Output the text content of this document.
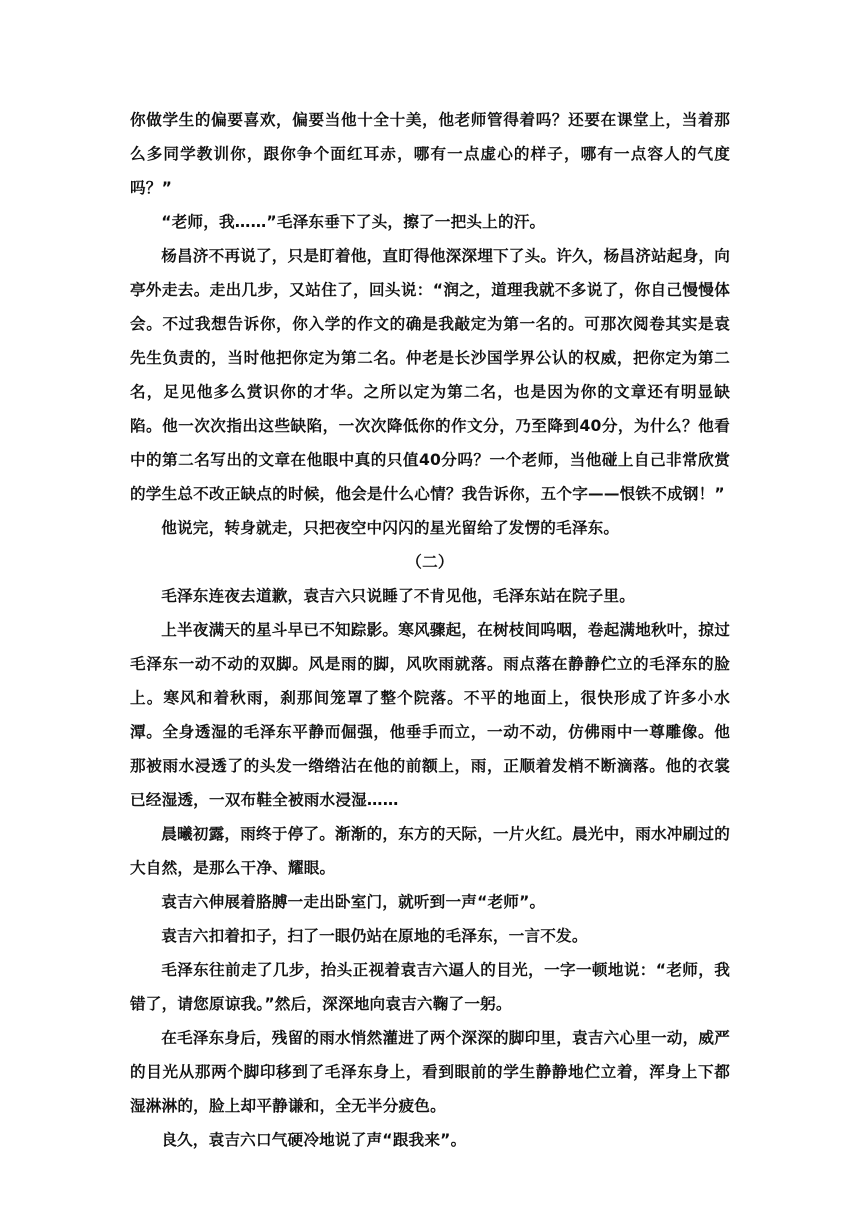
你做学生的偏要喜欢，偏要当他十全十美，他老师管得着吗？还要在课堂上，当着那么多同学教训你，跟你争个面红耳赤，哪有一点虚心的样子，哪有一点容人的气度吗？”

“老师，我……”毛泽东垂下了头，擦了一把头上的汗。

杨昌济不再说了，只是盯着他，直盯得他深深埋下了头。许久，杨昌济站起身，向亭外走去。走出几步，又站住了，回头说：“润之，道理我就不多说了，你自己慢慢体会。不过我想告诉你，你入学的作文的确是我敲定为第一名的。可那次阅卷其实是袁先生负责的，当时他把你定为第二名。仲老是长沙国学界公认的权威，把你定为第二名，足见他多么赏识你的才华。之所以定为第二名，也是因为你的文章还有明显缺陷。他一次次指出这些缺陷，一次次降低你的作文分，乃至降到40分，为什么？他看中的第二名写出的文章在他眼中真的只值40分吗？一个老师，当他碰上自己非常欣赏的学生总不改正缺点的时候，他会是什么心情？我告诉你，五个字——恨铁不成钢！”

他说完，转身就走，只把夜空中闪闪的星光留给了发愣的毛泽东。

（二）

毛泽东连夜去道歉，袁吉六只说睡了不肯见他，毛泽东站在院子里。

上半夜满天的星斗早已不知踪影。寒风骤起，在树枝间呜咽，卷起满地秋叶，掠过毛泽东一动不动的双脚。风是雨的脚，风吹雨就落。雨点落在静静伫立的毛泽东的脸上。寒风和着秋雨，刹那间笼罩了整个院落。不平的地面上，很快形成了许多小水潭。全身透湿的毛泽东平静而倔强，他垂手而立，一动不动，仿佛雨中一尊雕像。他那被雨水浸透了的头发一绺绺沾在他的前额上，雨，正顺着发梢不断滴落。他的衣裳已经湿透，一双布鞋全被雨水浸湿……

晨曦初露，雨终于停了。渐渐的，东方的天际，一片火红。晨光中，雨水冲刷过的大自然，是那么干净、耀眼。

袁吉六伸展着胳膊一走出卧室门，就听到一声“老师”。

袁吉六扣着扣子，扫了一眼仍站在原地的毛泽东，一言不发。

毛泽东往前走了几步，抬头正视着袁吉六逼人的目光，一字一顿地说：“老师，我错了，请您原谅我。”然后，深深地向袁吉六鞠了一躬。

在毛泽东身后，残留的雨水悄然灌进了两个深深的脚印里，袁吉六心里一动，威严的目光从那两个脚印移到了毛泽东身上，看到眼前的学生静静地伫立着，浑身上下都湿淋淋的，脸上却平静谦和，全无半分疲色。

良久，袁吉六口气硬冷地说了声“跟我来”。
